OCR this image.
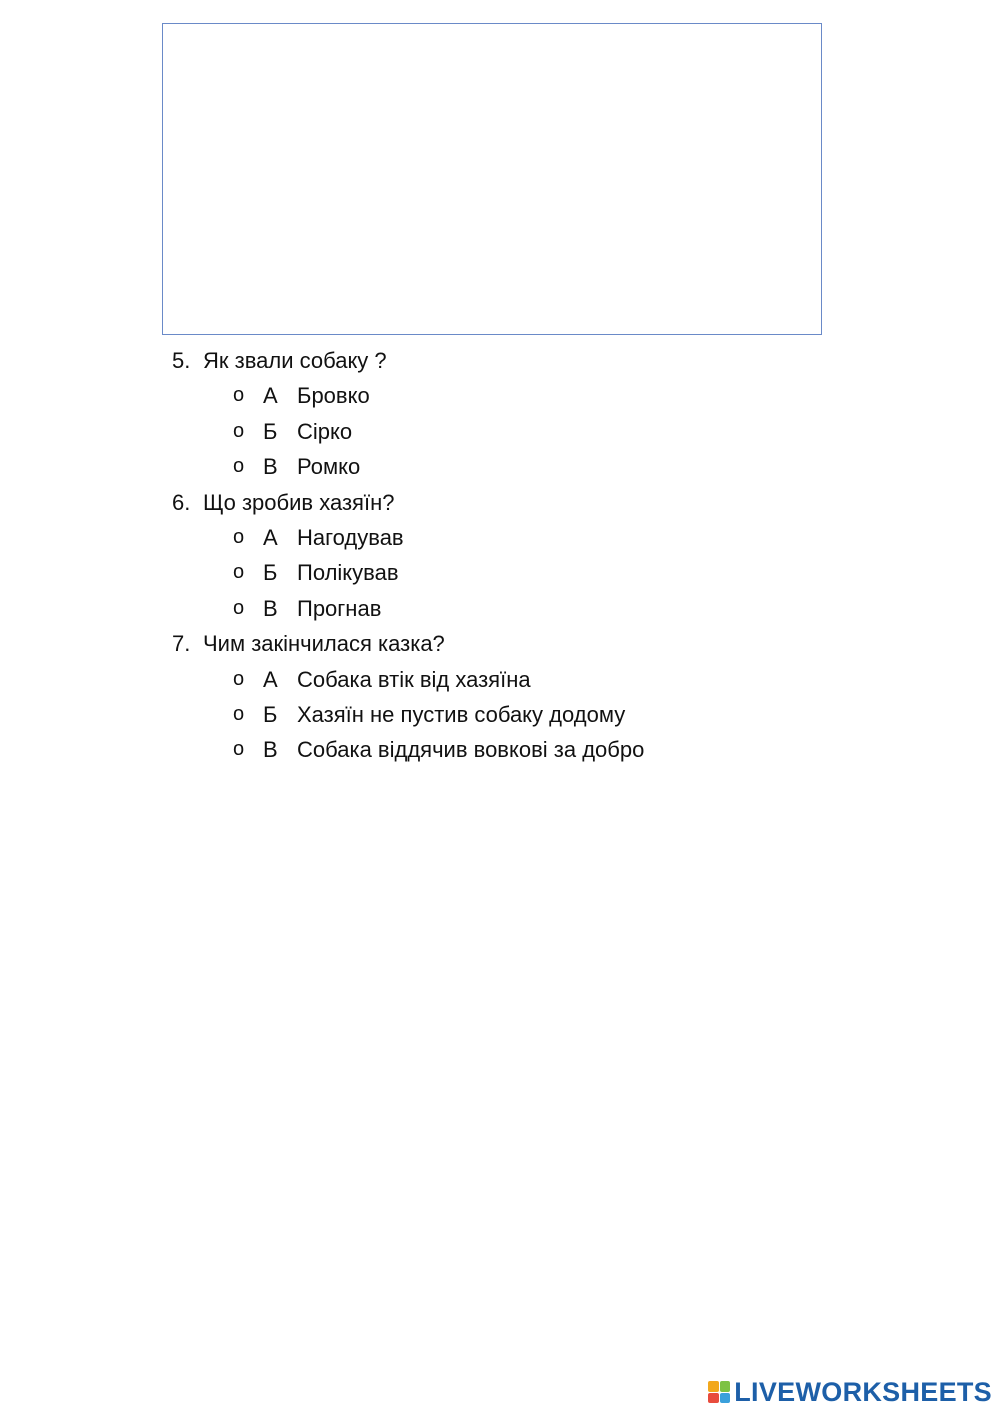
5. Як звали собаку ?
o А Бровко
o Б Сірко
o В Ромко
6. Що зробив хазяїн?
o А Нагодував
o Б Полікував
o В Прогнав
7. Чим закінчилася казка?
o А Собака втік від хазяїна
o Б Хазяїн не пустив собаку додому
o В Собака віддячив вовкові за добро
LIVEWORKSHEETS
